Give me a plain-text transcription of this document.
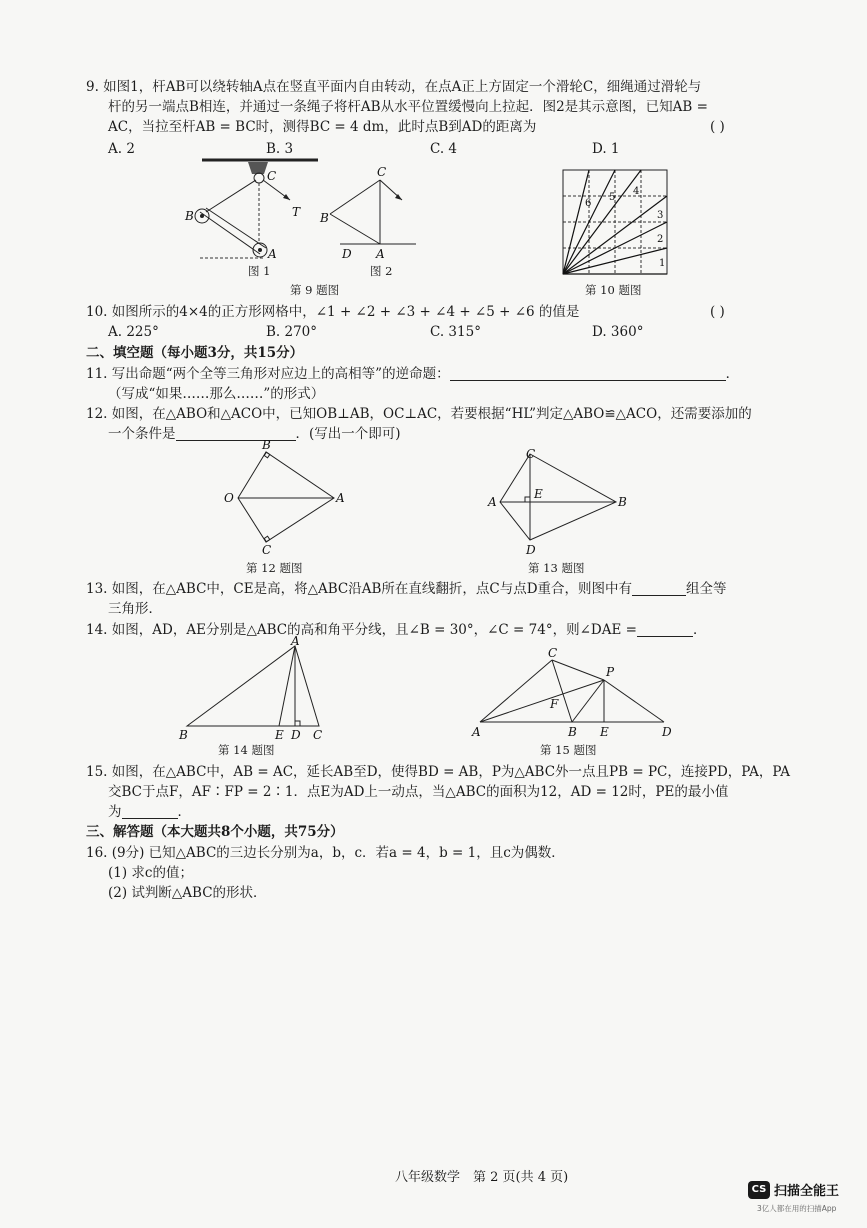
9. 如图1，杆AB可以绕转轴A点在竖直平面内自由转动，在点A正上方固定一个滑轮C，细绳通过滑轮与
杆的另一端点B相连，并通过一条绳子将杆AB从水平位置缓慢向上拉起．图2是其示意图，已知AB =
AC，当拉至杆AB = BC时，测得BC = 4 dm，此时点B到AD的距离为	( )
A. 2	B. 3	C. 4	D. 1
C
B
A
T
C
B
D A
图 1	图 2
第 9 题图
6
5
4
3
2
1
第 10 题图
10. 如图所示的4×4的正方形网格中，∠1 + ∠2 + ∠3 + ∠4 + ∠5 + ∠6 的值是	( )
A. 225°	B. 270°	C. 315°	D. 360°
二、填空题（每小题3分，共15分）
11. 写出命题“两个全等三角形对应边上的高相等”的逆命题：	．
（写成“如果……那么……”的形式）
12. 如图，在△ABO和△ACO中，已知OB⊥AB，OC⊥AC，若要根据“HL”判定△ABO≌△ACO，还需要添加的
一个条件是	．(写出一个即可)
B
O	A
C
第 12 题图
C
E
A	B
D
第 13 题图
13. 如图，在△ABC中，CE是高，将△ABC沿AB所在直线翻折，点C与点D重合，则图中有	组全等
三角形．
14. 如图，AD，AE分别是△ABC的高和角平分线，且∠B = 30°，∠C = 74°，则∠DAE =	．
A
B	E D C
第 14 题图
C
P
F
A	B E	D
第 15 题图
15. 如图，在△ABC中，AB = AC，延长AB至D，使得BD = AB，P为△ABC外一点且PB = PC，连接PD，PA，PA
交BC于点F，AF∶FP = 2∶1．点E为AD上一动点，当△ABC的面积为12，AD = 12时，PE的最小值
为	．
三、解答题（本大题共8个小题，共75分）
16. (9分) 已知△ABC的三边长分别为a，b，c．若a = 4，b = 1，且c为偶数．
(1) 求c的值；
(2) 试判断△ABC的形状．
八年级数学　第 2 页(共 4 页)
CS 扫描全能王
3亿人都在用的扫描App
